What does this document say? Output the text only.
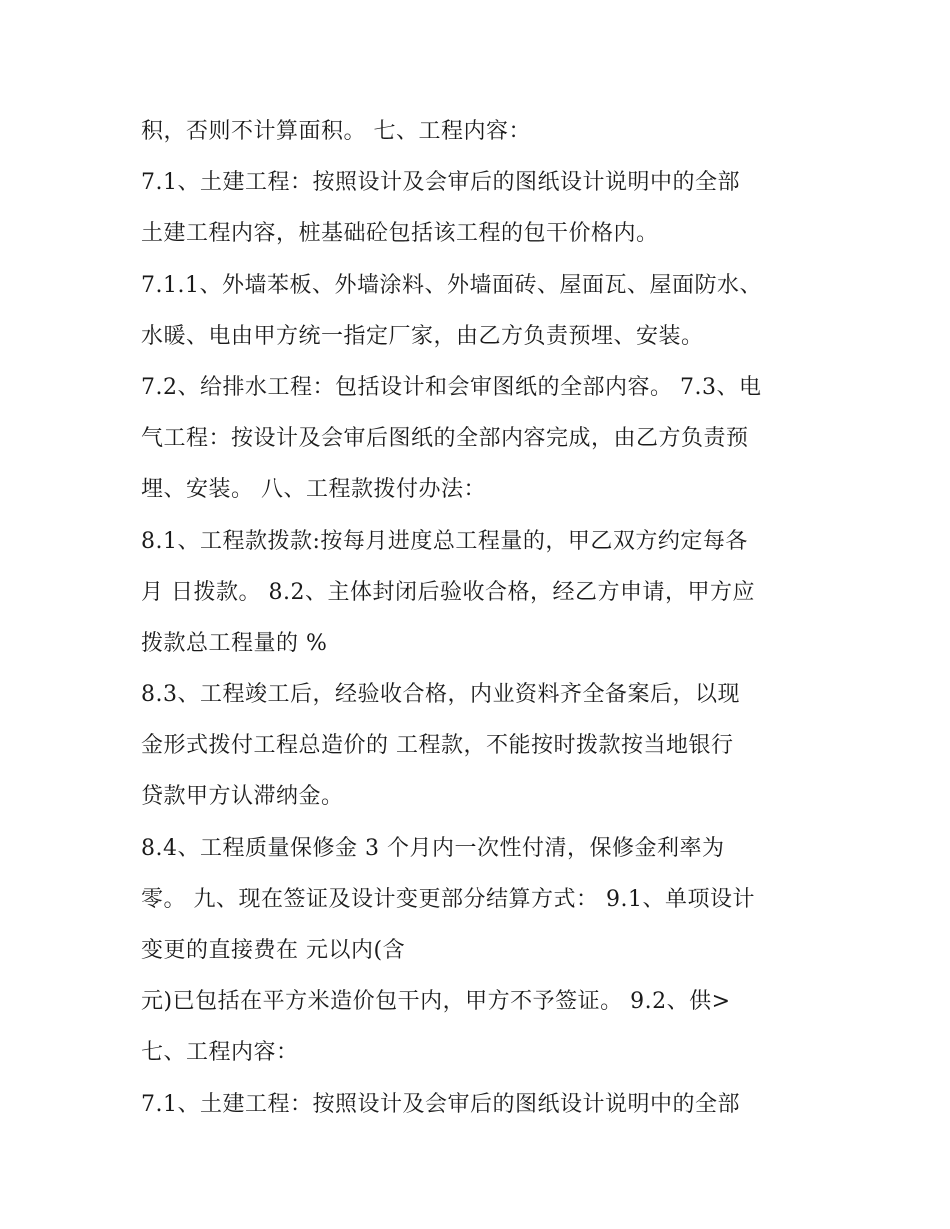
积，否则不计算面积。 七、工程内容：
7.1、土建工程：按照设计及会审后的图纸设计说明中的全部
土建工程内容，桩基础砼包括该工程的包干价格内。
7.1.1、外墙苯板、外墙涂料、外墙面砖、屋面瓦、屋面防水、
水暖、电由甲方统一指定厂家，由乙方负责预埋、安装。
7.2、给排水工程：包括设计和会审图纸的全部内容。 7.3、电
气工程：按设计及会审后图纸的全部内容完成，由乙方负责预
埋、安装。 八、工程款拨付办法：
8.1、工程款拨款:按每月进度总工程量的，甲乙双方约定每各
月 日拨款。 8.2、主体封闭后验收合格，经乙方申请，甲方应
拨款总工程量的 %
8.3、工程竣工后，经验收合格，内业资料齐全备案后，以现
金形式拨付工程总造价的 工程款，不能按时拨款按当地银行
贷款甲方认滞纳金。
8.4、工程质量保修金 3 个月内一次性付清，保修金利率为
零。 九、现在签证及设计变更部分结算方式： 9.1、单项设计
变更的直接费在 元以内(含
元)已包括在平方米造价包干内，甲方不予签证。 9.2、供>
七、工程内容：
7.1、土建工程：按照设计及会审后的图纸设计说明中的全部
